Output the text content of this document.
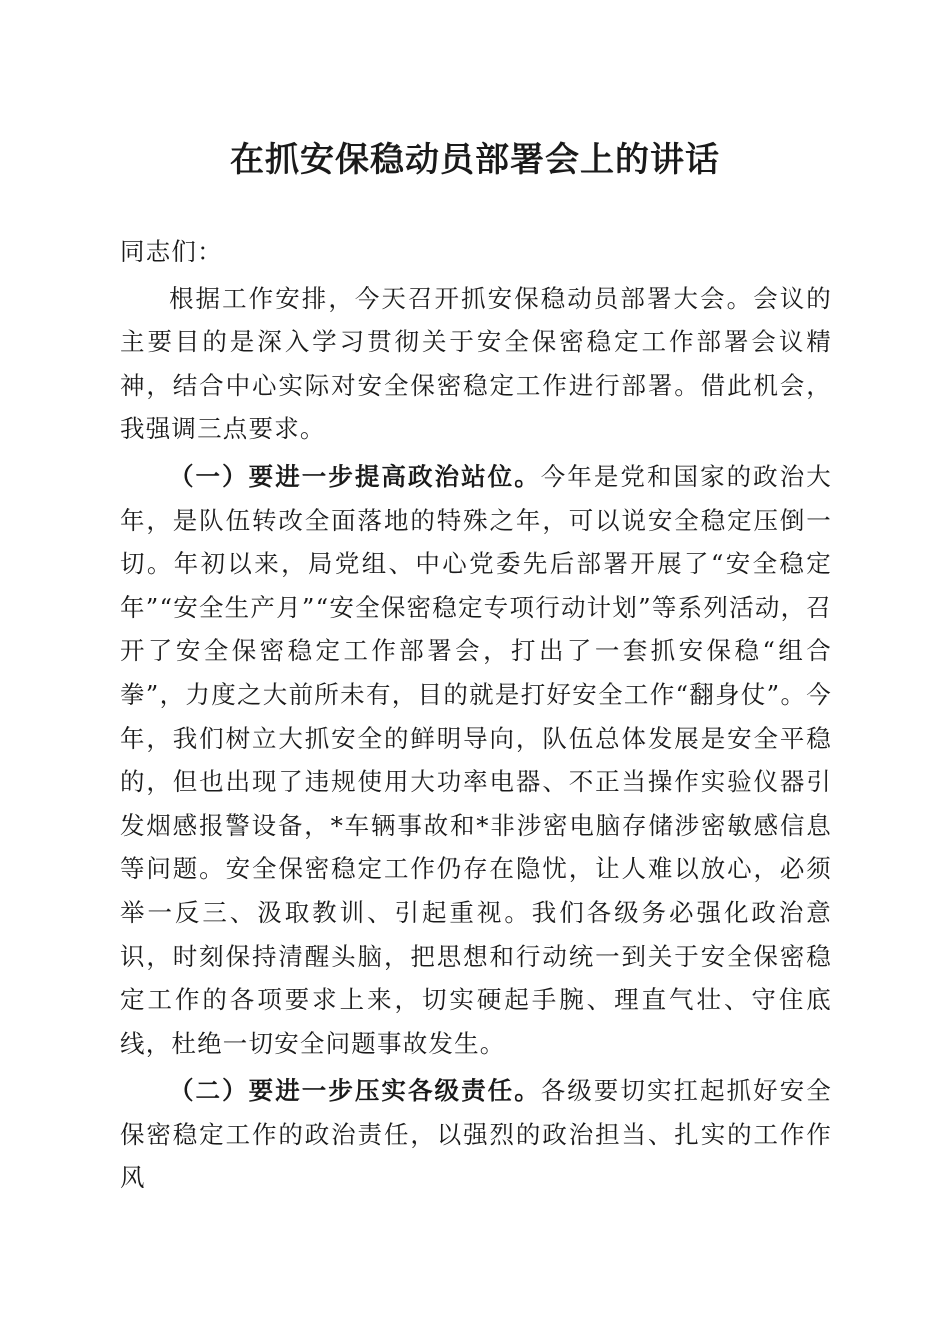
在抓安保稳动员部署会上的讲话

同志们：

根据工作安排，今天召开抓安保稳动员部署大会。会议的主要目的是深入学习贯彻关于安全保密稳定工作部署会议精神，结合中心实际对安全保密稳定工作进行部署。借此机会，我强调三点要求。

（一）要进一步提高政治站位。今年是党和国家的政治大年，是队伍转改全面落地的特殊之年，可以说安全稳定压倒一切。年初以来，局党组、中心党委先后部署开展了“安全稳定年”“安全生产月”“安全保密稳定专项行动计划”等系列活动，召开了安全保密稳定工作部署会，打出了一套抓安保稳“组合拳”，力度之大前所未有，目的就是打好安全工作“翻身仗”。今年，我们树立大抓安全的鲜明导向，队伍总体发展是安全平稳的，但也出现了违规使用大功率电器、不正当操作实验仪器引发烟感报警设备，*车辆事故和*非涉密电脑存储涉密敏感信息等问题。安全保密稳定工作仍存在隐忧，让人难以放心，必须举一反三、汲取教训、引起重视。我们各级务必强化政治意识，时刻保持清醒头脑，把思想和行动统一到关于安全保密稳定工作的各项要求上来，切实硬起手腕、理直气壮、守住底线，杜绝一切安全问题事故发生。

（二）要进一步压实各级责任。各级要切实扛起抓好安全保密稳定工作的政治责任，以强烈的政治担当、扎实的工作作风
